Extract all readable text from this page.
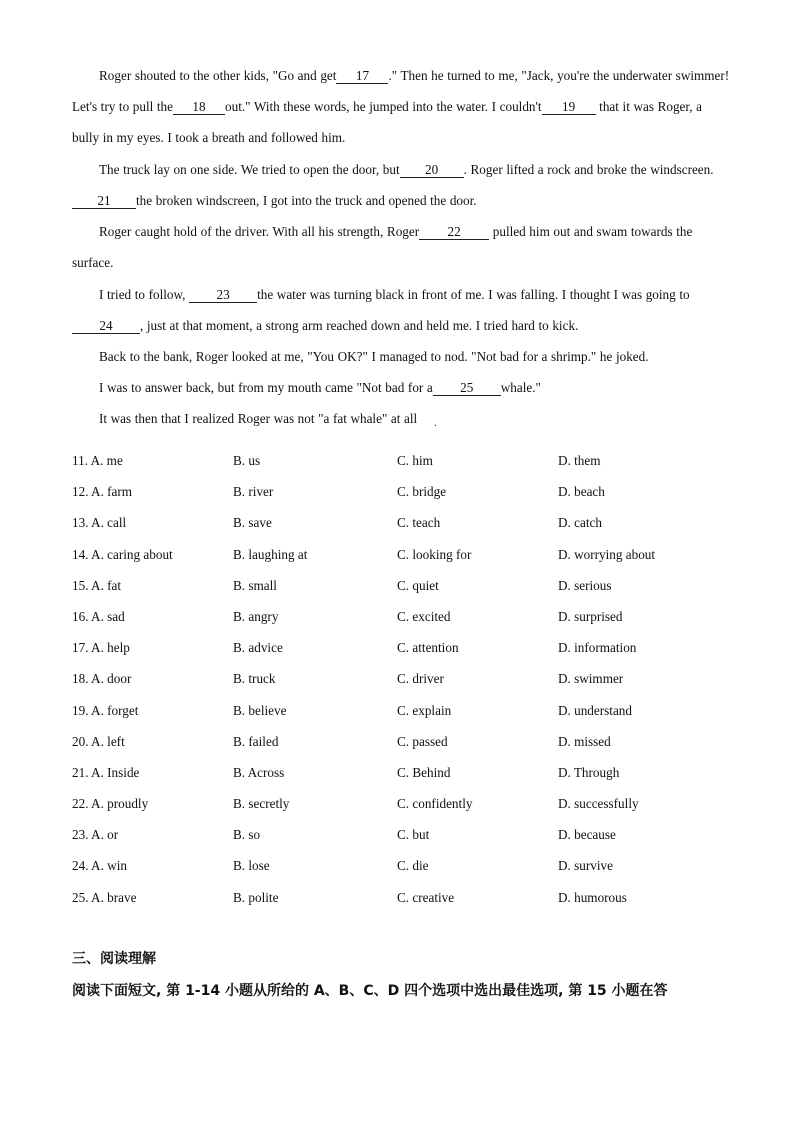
Roger shouted to the other kids, "Go and get 17 ." Then he turned to me, "Jack, you're the underwater swimmer! Let's try to pull the 18 out." With these words, he jumped into the water. I couldn't 19 that it was Roger, a bully in my eyes. I took a breath and followed him.

The truck lay on one side. We tried to open the door, but 20 . Roger lifted a rock and broke the windscreen. 21 the broken windscreen, I got into the truck and opened the door.

Roger caught hold of the driver. With all his strength, Roger 22 pulled him out and swam towards the surface.

I tried to follow, 23 the water was turning black in front of me. I was falling. I thought I was going to24 , just at that moment, a strong arm reached down and held me. I tried hard to kick.

Back to the bank, Roger looked at me, "You OK?" I managed to nod. "Not bad for a shrimp." he joked.

I was to answer back, but from my mouth came "Not bad for a 25 whale."

It was then that I realized Roger was not "a fat whale" at all	.
11. A. me	B. us	C. him	D. them
12. A. farm	B. river	C. bridge	D. beach
13. A. call	B. save	C. teach	D. catch
14. A. caring about	B. laughing at	C. looking for	D. worrying about
15. A. fat	B. small	C. quiet	D. serious
16. A. sad	B. angry	C. excited	D. surprised
17. A. help	B. advice	C. attention	D. information
18. A. door	B. truck	C. driver	D. swimmer
19. A. forget	B. believe	C. explain	D. understand
20. A. left	B. failed	C. passed	D. missed
21. A. Inside	B. Across	C. Behind	D. Through
22. A. proudly	B. secretly	C. confidently	D. successfully
23. A. or	B. so	C. but	D. because
24. A. win	B. lose	C. die	D. survive
25. A. brave	B. polite	C. creative	D. humorous
三、阅读理解
阅读下面短文, 第 1-14 小题从所给的 A、B、C、D 四个选项中选出最佳选项, 第 15 小题在答
